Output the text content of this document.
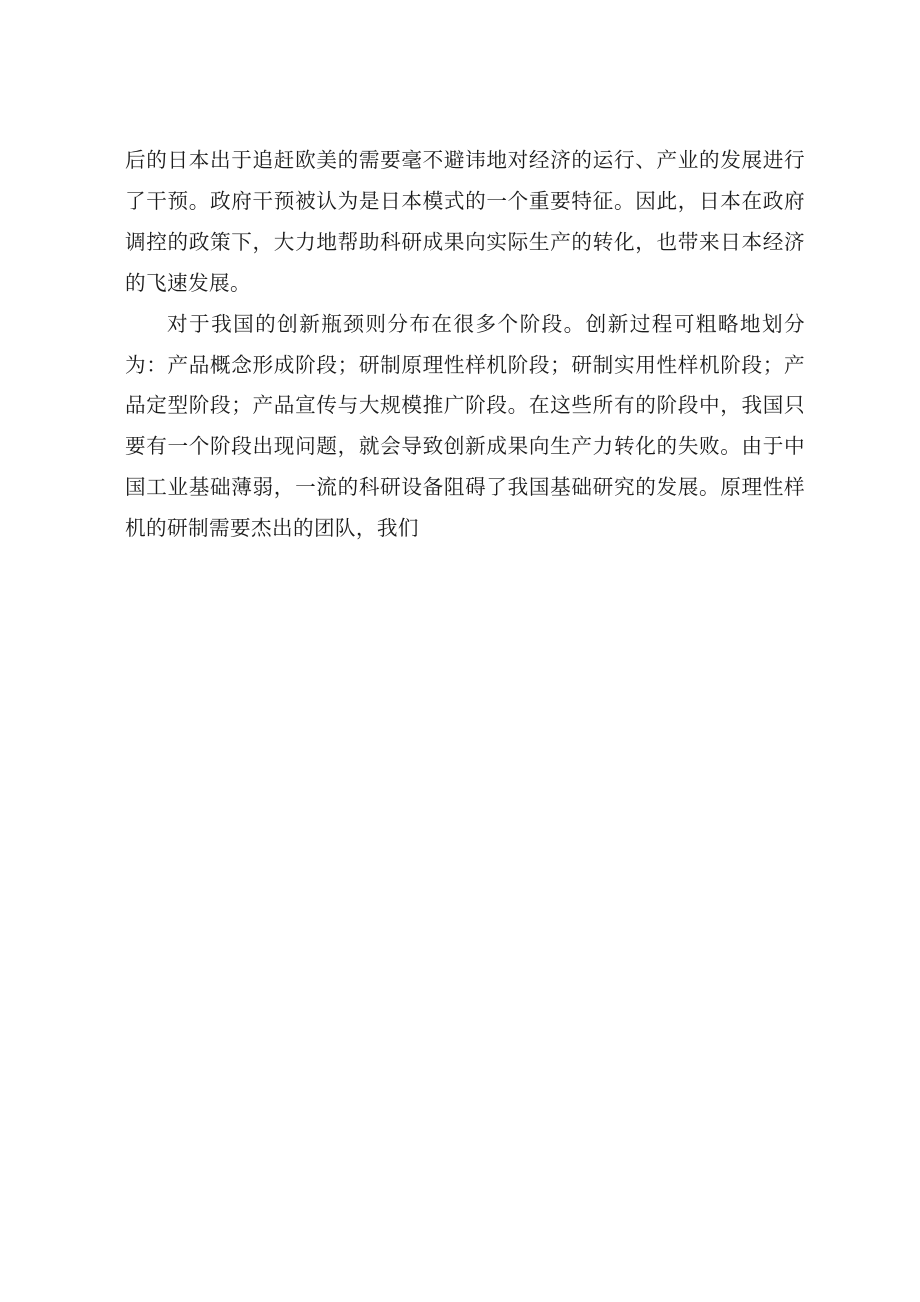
后的日本出于追赶欧美的需要毫不避讳地对经济的运行、产业的发展进行了干预。政府干预被认为是日本模式的一个重要特征。因此，日本在政府调控的政策下，大力地帮助科研成果向实际生产的转化，也带来日本经济的飞速发展。

对于我国的创新瓶颈则分布在很多个阶段。创新过程可粗略地划分为：产品概念形成阶段；研制原理性样机阶段；研制实用性样机阶段；产品定型阶段；产品宣传与大规模推广阶段。在这些所有的阶段中，我国只要有一个阶段出现问题，就会导致创新成果向生产力转化的失败。由于中国工业基础薄弱，一流的科研设备阻碍了我国基础研究的发展。原理性样机的研制需要杰出的团队，我们
